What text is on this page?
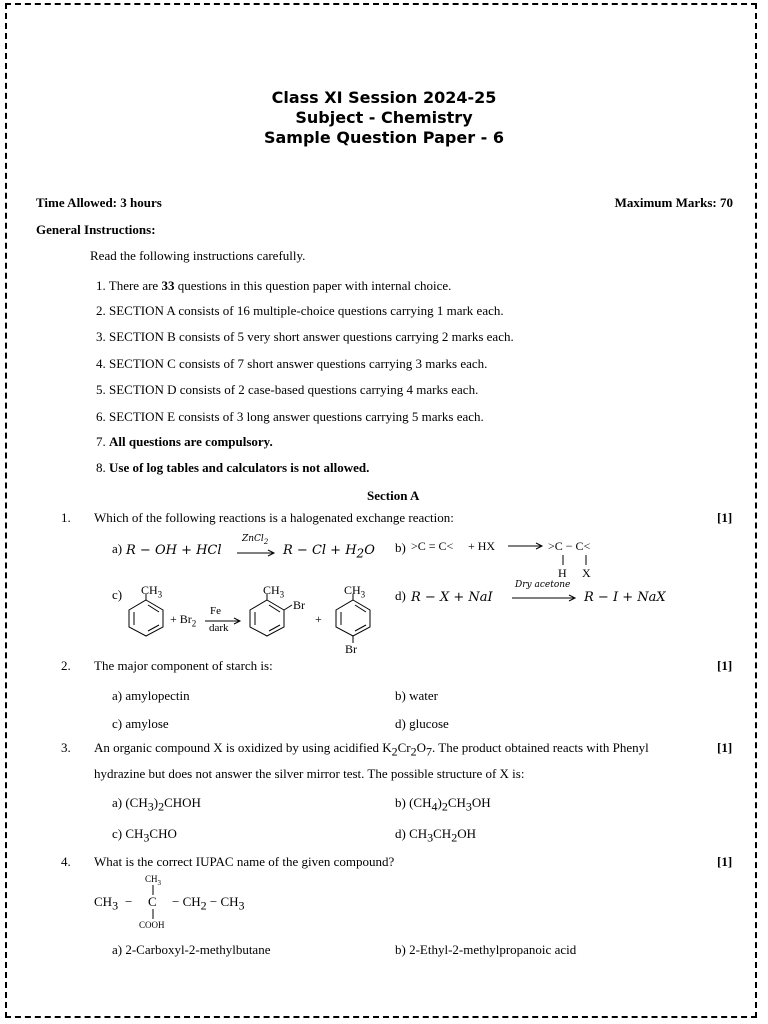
Class XI Session 2024-25
Subject - Chemistry
Sample Question Paper - 6
Time Allowed: 3 hours	Maximum Marks: 70
General Instructions:
Read the following instructions carefully.
1. There are 33 questions in this question paper with internal choice.
2. SECTION A consists of 16 multiple-choice questions carrying 1 mark each.
3. SECTION B consists of 5 very short answer questions carrying 2 marks each.
4. SECTION C consists of 7 short answer questions carrying 3 marks each.
5. SECTION D consists of 2 case-based questions carrying 4 marks each.
6. SECTION E consists of 3 long answer questions carrying 5 marks each.
7. All questions are compulsory.
8. Use of log tables and calculators is not allowed.
Section A
1. Which of the following reactions is a halogenated exchange reaction:	[1]
a) R − OH + HCl
ZnCl$_2$
$R - Cl + H_2O$ b) >C = C< + HX	>C − C<
H X
c) $CH_3$
+ $Br_2$
Fe
dark
$CH_3$
Br
+
$CH_3$
Br
d) R − X + NaI
Dry acetone
R − I + NaX
2. The major component of starch is:	[1]
a) amylopectin	b) water
c) amylose	d) glucose
3. An organic compound X is oxidized by using acidified $K_2Cr_2O_7$. The product obtained reacts with Phenyl	[1]
hydrazine but does not answer the silver mirror test. The possible structure of X is:
a) $(CH_3)_2CHOH$	b) $(CH_4)_2CH_3OH$
c) $CH_3CHO$	d) $CH_3CH_2OH$
4. What is the correct IUPAC name of the given compound?	[1]
$CH_3$
$CH_3 - C - CH_2 - CH_3$
COOH
a) 2-Carboxyl-2-methylbutane	b) 2-Ethyl-2-methylpropanoic acid
